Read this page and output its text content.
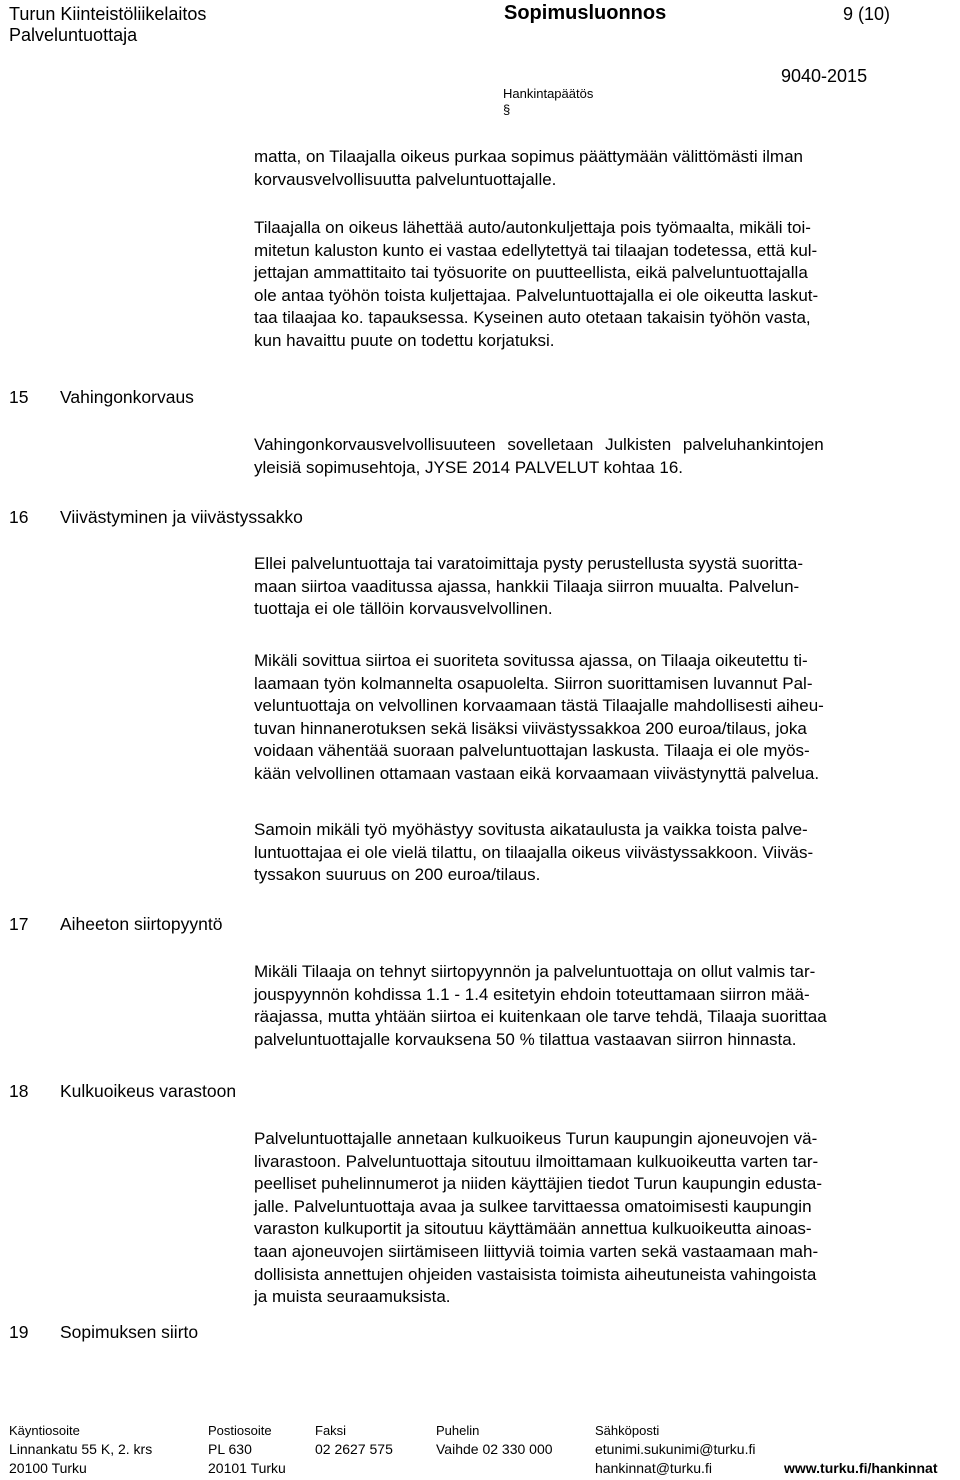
Turun Kiinteistöliikelaitos

Palveluntuottaja

Sopimusluonnos	9 (10)

9040-2015

Hankintapäätös

§

15 Vahingonkorvaus

16 Viivästyminen ja viivästyssakko

17 Aiheeton siirtopyyntö

18 Kulkuoikeus varastoon

19 Sopimuksen siirto

matta, on Tilaajalla oikeus purkaa sopimus päättymään välittömästi ilman
korvausvelvollisuutta palveluntuottajalle.
Tilaajalla on oikeus lähettää auto/autonkuljettaja pois työmaalta, mikäli toi-
mitetun kaluston kunto ei vastaa edellytettyä tai tilaajan todetessa, että kul-
jettajan ammattitaito tai työsuorite on puutteellista, eikä palveluntuottajalla
ole antaa työhön toista kuljettajaa. Palveluntuottajalla ei ole oikeutta laskut-
taa tilaajaa ko. tapauksessa. Kyseinen auto otetaan takaisin työhön vasta,
kun havaittu puute on todettu korjatuksi.
Vahingonkorvausvelvollisuuteen sovelletaan Julkisten palveluhankintojen
yleisiä sopimusehtoja, JYSE 2014 PALVELUT kohtaa 16.
Ellei palveluntuottaja tai varatoimittaja pysty perustellusta syystä suoritta-
maan siirtoa vaaditussa ajassa, hankkii Tilaaja siirron muualta. Palvelun-
tuottaja ei ole tällöin korvausvelvollinen.
Mikäli sovittua siirtoa ei suoriteta sovitussa ajassa, on Tilaaja oikeutettu ti-
laamaan työn kolmannelta osapuolelta. Siirron suorittamisen luvannut Pal-
veluntuottaja on velvollinen korvaamaan tästä Tilaajalle mahdollisesti aiheu-
tuvan hinnanerotuksen sekä lisäksi viivästyssakkoa 200 euroa/tilaus, joka
voidaan vähentää suoraan palveluntuottajan laskusta. Tilaaja ei ole myös-
kään velvollinen ottamaan vastaan eikä korvaamaan viivästynyttä palvelua.
Samoin mikäli työ myöhästyy sovitusta aikataulusta ja vaikka toista palve-
luntuottajaa ei ole vielä tilattu, on tilaajalla oikeus viivästyssakkoon. Viiväs-
tyssakon suuruus on 200 euroa/tilaus.
Mikäli Tilaaja on tehnyt siirtopyynnön ja palveluntuottaja on ollut valmis tar-
jouspyynnön kohdissa 1.1 - 1.4 esitetyin ehdoin toteuttamaan siirron mää-
räajassa, mutta yhtään siirtoa ei kuitenkaan ole tarve tehdä, Tilaaja suorittaa
palveluntuottajalle korvauksena 50 % tilattua vastaavan siirron hinnasta.
Palveluntuottajalle annetaan kulkuoikeus Turun kaupungin ajoneuvojen vä-
livarastoon. Palveluntuottaja sitoutuu ilmoittamaan kulkuoikeutta varten tar-
peelliset puhelinnumerot ja niiden käyttäjien tiedot Turun kaupungin edusta-
jalle. Palveluntuottaja avaa ja sulkee tarvittaessa omatoimisesti kaupungin
varaston kulkuportit ja sitoutuu käyttämään annettua kulkuoikeutta ainoas-
taan ajoneuvojen siirtämiseen liittyviä toimia varten sekä vastaamaan mah-
dollisista annettujen ohjeiden vastaisista toimista aiheutuneista vahingoista
ja muista seuraamuksista.

Käyntiosoite

Linnankatu 55 K, 2. krs

20100 Turku

Postiosoite

PL 630

20101 Turku

Faksi

02 2627 575

Puhelin

Vaihde 02 330 000

Sähköposti

etunimi.sukunimi@turku.fi

hankinnat@turku.fi	www.turku.fi/hankinnat
